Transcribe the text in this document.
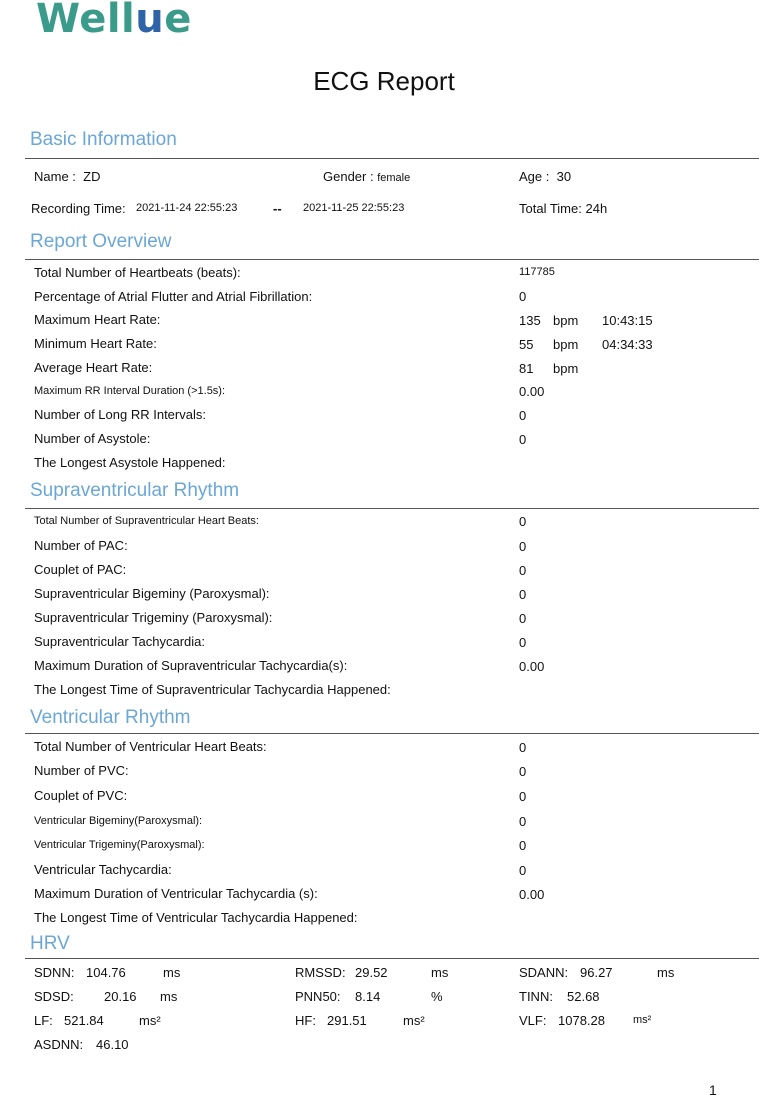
Wellue
ECG Report
Basic Information
Name : ZD	Gender : female	Age : 30
Recording Time: 2021-11-24 22:55:23	-- 2021-11-25 22:55:23	Total Time: 24h
Report Overview
Total Number of Heartbeats (beats):	117785
Percentage of Atrial Flutter and Atrial Fibrillation:	0
Maximum Heart Rate:	135 bpm 10:43:15
Minimum Heart Rate:	55 bpm 04:34:33
Average Heart Rate:	81 bpm
Maximum RR Interval Duration (>1.5s):	0.00
Number of Long RR Intervals:	0
Number of Asystole:	0
The Longest Asystole Happened:
Supraventricular Rhythm
Total Number of Supraventricular Heart Beats:	0
Number of PAC:	0
Couplet of PAC:	0
Supraventricular Bigeminy (Paroxysmal):	0
Supraventricular Trigeminy (Paroxysmal):	0
Supraventricular Tachycardia:	0
Maximum Duration of Supraventricular Tachycardia(s):	0.00
The Longest Time of Supraventricular Tachycardia Happened:
Ventricular Rhythm
Total Number of Ventricular Heart Beats:	0
Number of PVC:	0
Couplet of PVC:	0
Ventricular Bigeminy(Paroxysmal):	0
Ventricular Trigeminy(Paroxysmal):	0
Ventricular Tachycardia:	0
Maximum Duration of Ventricular Tachycardia (s):	0.00
The Longest Time of Ventricular Tachycardia Happened:
HRV
SDNN: 104.76	ms	RMSSD: 29.52	ms	SDANN: 96.27	ms
SDSD: 20.16 ms	PNN50: 8.14	%	TINN: 52.68
LF: 521.84	ms²	HF: 291.51	ms²	VLF: 1078.28	ms²
ASDNN: 46.10
1
